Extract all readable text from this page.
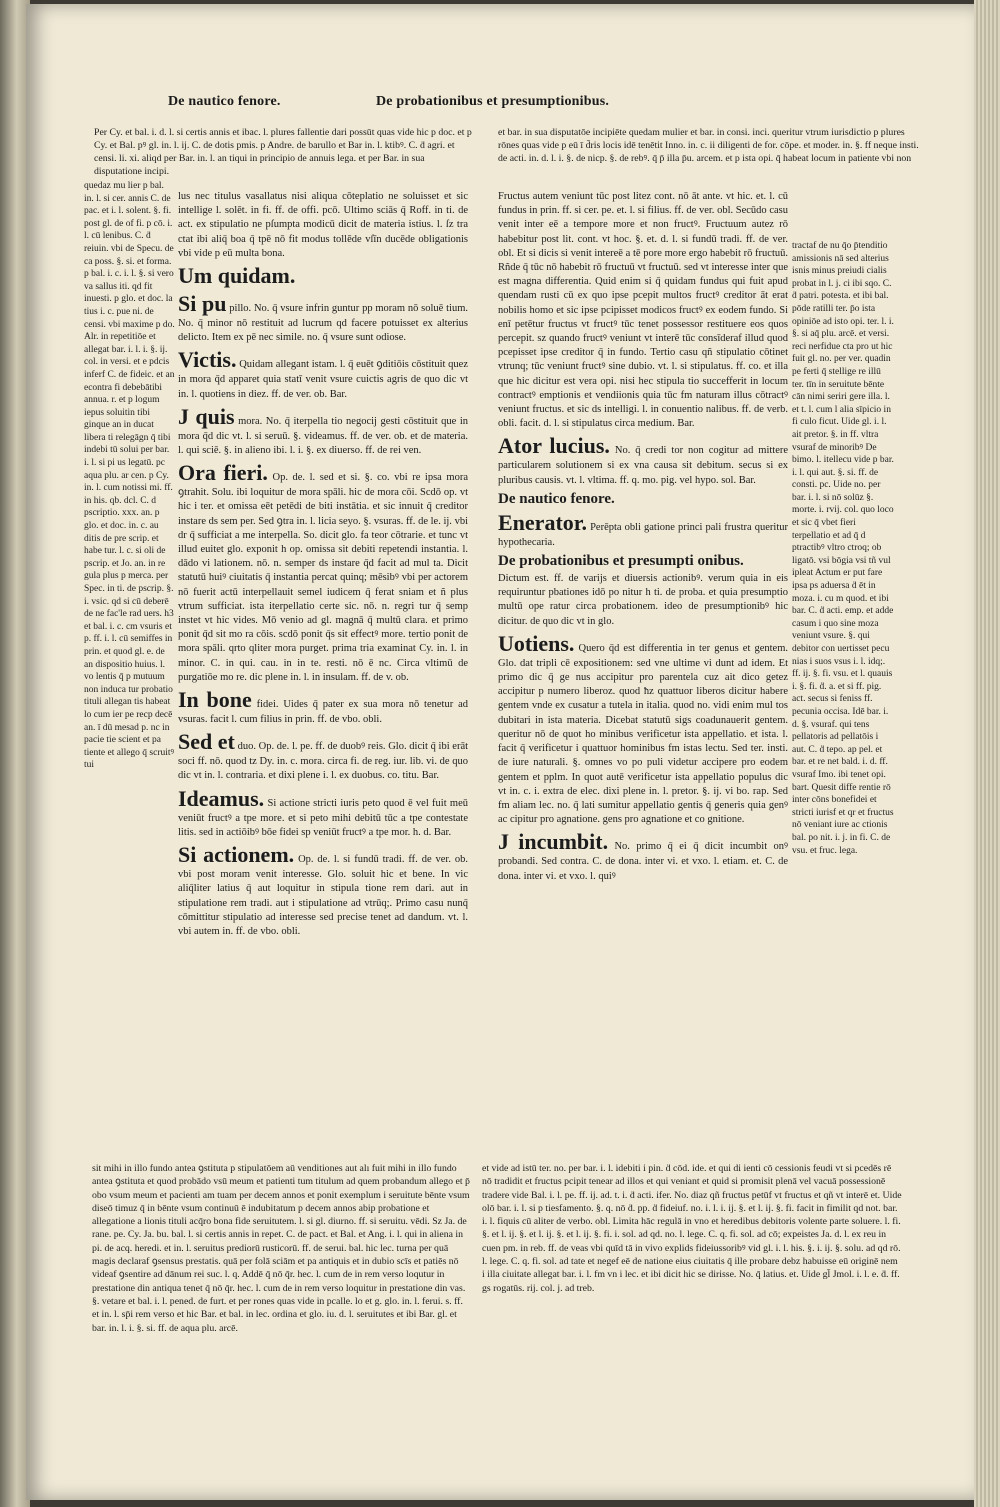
De nautico fenore.	De probationibus et presumptionibus.
Per Cy. et bal. i. d. l. si certis annis et ibac. l. plures fallentie dari possūt quas vide hic p doc. et p Cy. et Bal. pꝰ gl. in. l. ij. C. de dotis pmis. p Andre. de barullo et Bar in. l. ktibꝰ. C. ḋ agri. et censi. li. xi. aliqd per Bar. in. l. an tiqui in principio de annuis lega. et per Bar. in sua disputatione incipi.
et bar. in sua disputatōe incipiēte quedam mulier et bar. in consi. inci. queritur vtrum iurisdictio p plures rōnes quas vide p eū ī d̄ris locis idē tenētit Inno. in. c. ii diligenti de for. cōpe. et moder. in. §. ff neque insti. de acti. in. d. l. i. §. de nicp. §. de rebꝰ. q̄ p̄ illa p̄u. arcem. et p ista opi. q̄ habeat locum in patiente vbi non
quedaz mu lier p bal. in. l. si cer. annis C. de pac. et i. l. solent. §. fi. post gl. de of fi. p cō. i. l. cū lenibus. C. ḋ reiuin. vbi de Specu. de ca poss. §. si. et forma. p bal. i. c. i. l. §. si vero va sallus iti. qd fit inuesti. p glo. et doc. la tius i. c. pue ni. de censi. vbi maxime p do. Alr. in repetitiōe et allegat bar. i. l. i. §. ij. col. in versi. et e pdcis inferf C. de fideic. et an econtra fi debebātibi annua. r. et p logum iepus soluitin tibi ginque an in ducat libera ti relegāgn q̄ tibi indebi tū solui per bar. i. l. si pi us legatū. pc aqua plu. ar cen. p Cy. in. l. cum notissi mi. ff. in his. qb. dcl. C. d pscriptio. xxx. an. p glo. et doc. in. c. au ditis de pre scrip. et habe tur. l. c. si oli de pscrip. et Jo. an. in re gula plus p merca. per Spec. in ti. de pscrip. §. i. vsic. qd si cū deberē de ne fac'le rad uers. h3 et bal. i. c. cm vsuris et p. ff. i. l. cū semiffes in prin. et quod gl. e. de an dispositio huius. l. vo lentis q̄ p mutuum non induca tur probatio tituli allegan tis habeat lo cum ier pe recp decē an. ī dū mesad p. nc in pacie tie scient et pa tiente et allego q̄ scruitꝰ tui

lus nec titulus vasallatus nisi aliqua cōteplatio ne soluisset et sic intellige l. solēt. in fi. ff. de offi. pcō. Ultimo sciās q̄ Roff. in ti. de act. ex stipulatio ne pſumpta modicū dicit de materia istius. l. ſz tra ctat ibi aliq̄ boa q̄ tpē nō fit modus tollēde vſīn ducēde obligationis vbi vide p eū multa bona.

Um quidam.

Si pu pillo. No. q̄ vsure infrin guntur pp moram nō soluē tium. No. q̄ minor nō restituit ad lucrum qd facere potuisset ex alterius delicto. Item ex pē nec simile. no. q̄ vsure sunt odiose.

Victis. Quidam allegant istam. l. q̄ euēt ꝯditiōis cōstituit quez in mora q̄d apparet quia statī venit vsure cuictis agris de quo dic vt in. l. quotiens in diez. ff. de ver. ob. Bar.

J quis mora. No. q̄ iterpella tio negocij gesti cōstituit que in mora q̄d dic vt. l. si seruū. §. videamus. ff. de ver. ob. et de materia. l. qui sciē. §. in alieno ibi. l. i. §. ex diuerso. ff. de rei ven.

Ora fieri. Op. de. l. sed et si. §. co. vbi re ipsa mora ꝯtrahit. Solu. ibi loquitur de mora spāli. hic de mora cōi. Scdō op. vt hic i ter. et omissa eēt petēdi de biti instātia. et sic innuit q̄ creditor instare ds sem per. Sed ꝯtra in. l. licia seyo. §. vsuras. ff. de le. ij. vbi dr q̄ sufficiat a me interpella. So. dicit glo. fa teor cōtrarie. et tunc vt illud euitet glo. exponit h op. omissa sit debiti repetendi instantia. l. dādo vi lationem. nō. n. semper ds instare q̄d facit ad mul ta. Dicit statutū huiꝰ ciuitatis q̄ instantia percat quinq; mēsibꝰ vbi per actorem nō fuerit actū interpellauit semel iudicem q̄ ferat sniam et ñ plus vtrum sufficiat. ista iterpellatio certe sic. nō. n. regri tur q̄ semp instet vt hic vides. Mō venio ad gl. magnā q̄ multū clara. et primo ponit q̄d sit mo ra cōis. scdō ponit q̄s sit effectꝰ more. tertio ponit de mora spāli. qrto qliter mora purget. prima tria examinat Cy. in. l. in minor. C. in qui. cau. in in te. resti. nō ē nc. Circa vltimū de purgatiōe mo re. dic plene in. l. in insulam. ff. de v. ob.

In bone fidei. Uides q̄ pater ex sua mora nō tenetur ad vsuras. facit l. cum filius in prin. ff. de vbo. obli.

Sed et duo. Op. de. l. pe. ff. de duobꝰ reis. Glo. dicit q̄ ibi erāt soci ff. nō. quod tz Dy. in. c. mora. circa fi. de reg. iur. lib. vi. de quo dic vt in. l. contraria. et dixi plene i. l. ex duobus. co. titu. Bar.

Ideamus. Si actione stricti iuris peto quod ē vel fuit meū veniūt fructꝰ a tpe more. et si peto mihi debitū tūc a tpe contestate litis. sed in actiōibꝰ bōe fidei sp veniūt fructꝰ a tpe mor. h. d. Bar.

Si actionem. Op. de. l. si fundū tradi. ff. de ver. ob. vbi post moram venit interesse. Glo. soluit hic et bene. In vic aliq̄liter latius q̄ aut loquitur in stipula tione rem dari. aut in stipulatione rem tradi. aut i stipulatione ad vtrūq;. Primo casu nunq̄ cōmittitur stipulatio ad interesse sed precise tenet ad dandum. vt. l. vbi autem in. ff. de vbo. obli.

Fructus autem veniunt tūc post litez cont. nō āt ante. vt hic. et. l. cū fundus in prin. ff. si cer. pe. et. l. si filius. ff. de ver. obl. Secūdo casu venit inter eē a tempore more et non fructꝰ. Fructuum autez rō habebitur post lit. cont. vt hoc. §. et. d. l. si fundū tradi. ff. de ver. obl. Et si dicis si venit intereē a tē pore more ergo habebit rō fructuū. Rñde q̄ tūc nō habebit rō fructuū vt fructuū. sed vt interesse inter que est magna differentia. Quid enim si q̄ quidam fundus qui fuit apud quendam rusti cū ex quo ipse pcepit multos fructꝰ creditor āt erat nobilis homo et sic ipse pcipisset modicos fructꝰ ex eodem fundo. Si enī petētur fructus vt fructꝰ tūc tenet possessor restituere eos quos percepit. sz quando fructꝰ veniunt vt interē tūc consīderaf illud quod pcepisset ipse creditor q̄ in fundo. Tertio casu qñ stipulatio cōtinet vtrunq; tūc veniunt fructꝰ sine dubio. vt. l. si stipulatus. ff. co. et illa que hic dicitur est vera opi. nisi hec stipula tio succefferit in locum contractꝰ emptionis et vendiionis quia tūc fm naturam illus cōtractꝰ veniunt fructus. et sic ds intelligi. l. in conuentio nalibus. ff. de verb. obli. facit. d. l. si stipulatus circa medium. Bar.

Ator lucius. No. q̄ credi tor non cogitur ad mittere particularem solutionem si ex vna causa sit debitum. secus si ex pluribus causis. vt. l. vltima. ff. q. mo. pig. vel hypo. sol. Bar.

De nautico fenore.

Enerator. Perēpta obli gatione princi pali frustra queritur hypothecaria.

De probationibus et presumpti onibus.

Dictum est. ff. de varijs et diuersis actionibꝰ. verum quia in eis requiruntur pbationes idō po nitur h ti. de proba. et quia presumptio multū ope ratur circa probationem. ideo de presumptionibꝰ hic dicitur. de quo dic vt in glo.

Uotiens. Quero q̄d est differentia in ter genus et gentem. Glo. dat tripli cē expositionem: sed vne ultime vi dunt ad idem. Et primo dic q̄ ge nus accipitur pro parentela cuz ait dico getez accipitur p numero liberoz. quod ħz quattuor liberos dicitur habere gentem vnde ex cusatur a tutela in italia. quod no. vidi enim mul tos dubitari in ista materia. Dicebat statutū sigs coadunauerit gentem. queritur nō de quot ho minibus verificetur ista appellatio. et ista. l. facit q̄ verificetur i quattuor hominibus fm istas lectu. Sed ter. insti. de iure naturali. §. omnes vo po puli videtur accipere pro eodem gentem et pplm. In quot autē verificetur ista appellatio populus dic vt in. c. i. extra de elec. dixi plene in. l. pretor. §. ij. vi bo. rap. Sed fm aliam lec. no. q̄ lati sumitur appellatio gentis q̄ generis quia genꝰ ac cipitur pro agnatione. gens pro agnatione et co gnitione.

J incumbit. No. primo q̄ ei q̄ dicit incumbit onꝰ probandi. Sed contra. C. de dona. inter vi. et vxo. l. etiam. et. C. de dona. inter vi. et vxo. l. quiꝰ

tractaf de nu q̄o p̄tenditio amissionis nā sed alterius isnis minus preiudi cialis probat in l. j. ci ibi sqo. C. ḋ patri. potesta. et ibi bal. pōde ratilli ter. p̄o ista opiniōe ad isto opi. ter. l. i. §. si aq̄ plu. arcē. et versi. reci nerfidue cta pro ut hic fuit gl. no. per ver. quadin pe ferti q̄ stellige re illū ter. tīn in seruitute bēnte cān nimi seriri gere illa. l. et t. l. cum l alia sīpicio in fi culo ficut. Uide gl. i. l. ait pretor. §. in ff. vltra vsuraf de minoribꝰ De bimo. l. itellecu vide p bar. i. l. qui aut. §. si. ff. de consti. pc. Uide no. per bar. i. l. si nō solūz §. morte. i. rvij. col. quo loco et sic q̄ vbet fieri terpellatio et ad q̄ d ptractibꝰ vltro ctroq; ob ligatō. vsi bōgia vsi tñ vul ipleat Actum er put fare ipsa ps aduersa ḋ ēt in moza. i. cu m quod. et ibi bar. C. ḋ acti. emp. et adde casum i quo sine moza veniunt vsure. §. qui debitor con uertisset pecu nias i suos vsus i. l. idq;. ff. ij. §. fi. vsu. et l. quauis i. §. fi. ḋ. a. et si ff. pig. act. secus si feniss ff. pecunia occisa. Idē bar. i. d. §. vsuraf. qui tens pellatoris ad pellatōis i aut. C. ḋ tepo. ap pel. et bar. et re net bald. i. d. ff. vsuraf Imo. ibi tenet opi. bart. Quesit diffe rentie rō inter cōns bonefidei et stricti iurisf et qr et fructus nō veniant iure ac ctionis bal. po nit. i. j. in fi. C. de vsu. et fruc. lega.
sit mihi in illo fundo antea ꝯstituta p stipulatōem aū venditiones aut alı fuit mihi in illo fundo antea ꝯstituta et quod probādo vsū meum et patienti tum titulum ad quem probandum allego et p̄ obo vsum meum et pacienti am tuam per decem annos et ponit exemplum i seruitute bēnte vsum diseō timuz q̄ in bēnte vsum continuū ē indubitatum p decem annos abip probatione et allegatione a lionis tituli acq̄ro bona fide seruitutem. l. si gl. diurno. ff. si seruitu. vēdi. Sz Ja. de rane. pe. Cy. Ja. bu. bal. l. si certis annis in repet. C. de pact. et Bal. et Ang. i. l. qui in aliena in pi. de acq. heredi. et in. l. seruitus prediorū rusticorū. ff. de serui. bal. hic lec. turna per quā magis declaraf ꝯsensus prestatis. quā per folā sciām et pa antiquis et in dubio scīs et patiēs nō videaf ꝯsentire ad dānum rei suc. l. q. Addē q̄ nō q̄r. hec. l. cum de in rem verso loqutur in prestatione din antiqua tenet q̄ nō q̄r. hec. l. cum de in rem verso loquitur in prestatione din vas. §. vetare et bal. i. l. pened. de furt. et per rones quas vide in pcalle. lo et g. glo. in. l. ferui. s. ff. et in. l. sp̄i rem verso et hic Bar. et bal. in lec. ordina et glo. iu. d. l. seruitutes et ibi Bar. gl. et bar. in. l. i. §. si. ff. de aqua plu. arcē.
et vide ad istū ter. no. per bar. i. l. idebiti i pin. ḋ cōd. ide. et qui di ienti cō cessionis feudi vt si pcedēs rē nō tradidit et fructus pcipit tenear ad illos et qui veniant et quid si promisit plenā vel vacuā possessionē tradere vide Bal. i. l. pe. ff. ij. ad. t. i. ḋ acti. ifer. No. diaz qñ fructus petūf vt fructus et qñ vt interē et. Uide olō bar. i. l. si p tiesfamento. §. q. nō ḋ. pp. ḋ fideiuf. no. i. l. i. ij. §. et l. ij. §. fi. facit in fimilit qd not. bar. i. l. fiquis cū aliter de verbo. obl. Limita hāc regulā in vno et heredibus debitoris volente parte soluere. l. fi. §. et l. ij. §. et l. ij. §. et l. ij. §. fi. i. sol. ad qd. no. l. lege. C. q. fi. sol. ad cō; expeistes Ja. d. l. ex reu in cuen pm. in reb. ff. de veas vbi quīd tā in vivo explids fideiussoribꝰ vid gl. i. l. his. §. i. ij. §. solu. ad qd rō. l. lege. C. q. fi. sol. ad tate et negef eē de natione eius ciuitatis q̄ ille probare debz habuisse eū originē nem i illa ciuitate allegat bar. i. l. fm vn i lec. et ibi dicit hic se dirisse. No. q̄ latius. et. Uide gl̄ Jmol. i. l. e. ḋ. ff. gs rogatūs. rij. col. j. ad treb.
